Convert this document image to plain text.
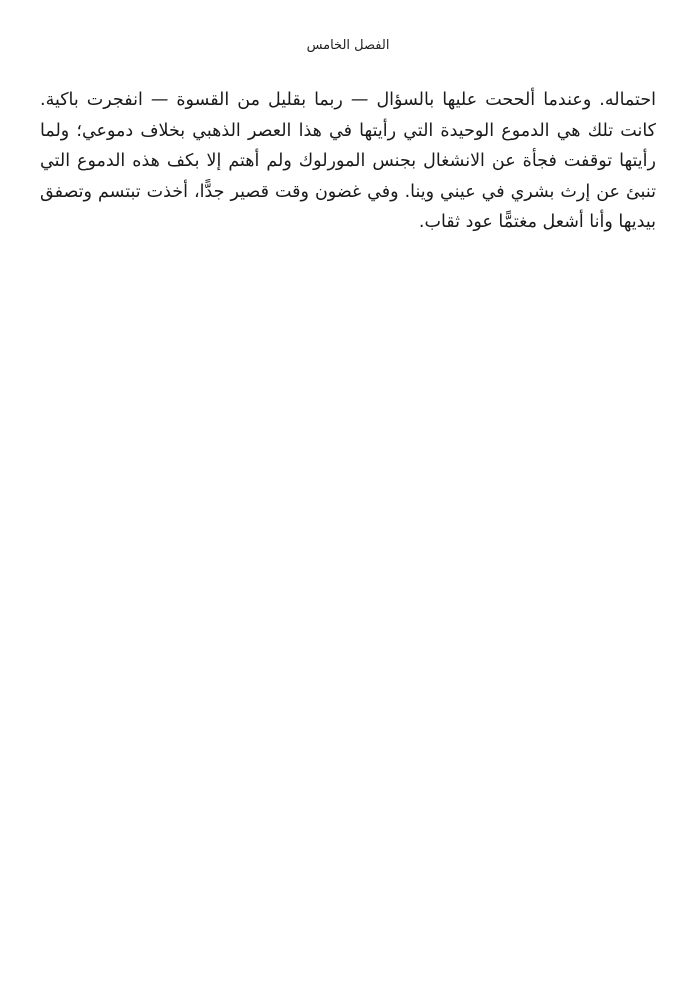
الفصل الخامس

احتماله. وعندما ألححت عليها بالسؤال — ربما بقليل من القسوة — انفجرت باكية. كانت تلك هي الدموع الوحيدة التي رأيتها في هذا العصر الذهبي بخلاف دموعي؛ ولما رأيتها توقفت فجأة عن الانشغال بجنس المورلوك ولم أهتم إلا بكف هذه الدموع التي تنبئ عن إرث بشري في عيني وينا. وفي غضون وقت قصير جدًّا، أخذت تبتسم وتصفق بيديها وأنا أشعل مغتمًّا عود ثقاب.
